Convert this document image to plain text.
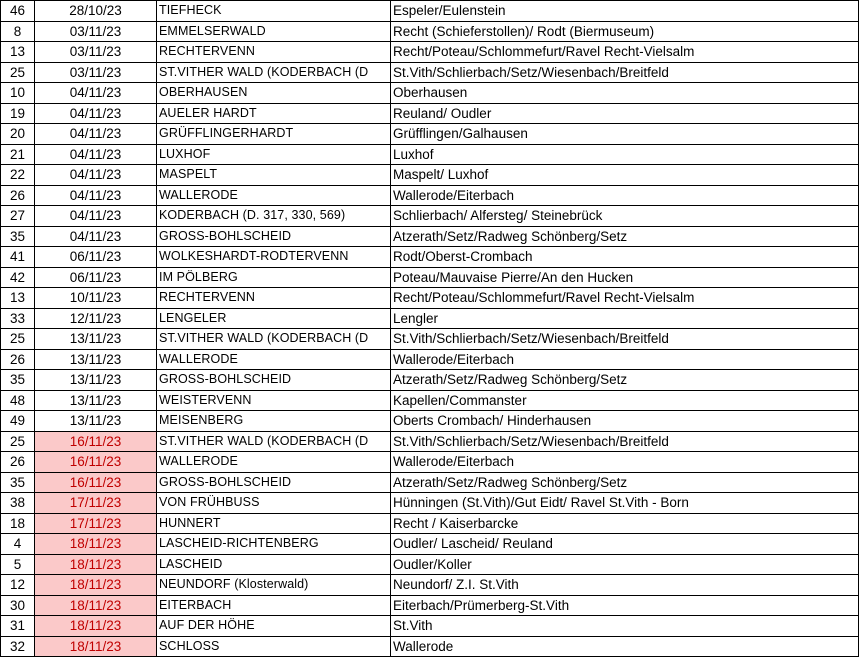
46	28/10/23	TIEFHECK	Espeler/Eulenstein
8	03/11/23	EMMELSERWALD	Recht (Schieferstollen)/ Rodt (Biermuseum)
13	03/11/23	RECHTERVENN	Recht/Poteau/Schlommefurt/Ravel Recht-Vielsalm
25	03/11/23	ST.VITHER WALD (KODERBACH (D	St.Vith/Schlierbach/Setz/Wiesenbach/Breitfeld
10	04/11/23	OBERHAUSEN	Oberhausen
19	04/11/23	AUELER HARDT	Reuland/ Oudler
20	04/11/23	GRÜFFLINGERHARDT	Grüfflingen/Galhausen
21	04/11/23	LUXHOF	Luxhof
22	04/11/23	MASPELT	Maspelt/ Luxhof
26	04/11/23	WALLERODE	Wallerode/Eiterbach
27	04/11/23	KODERBACH (D. 317, 330, 569)	Schlierbach/ Alfersteg/ Steinebrück
35	04/11/23	GROSS-BOHLSCHEID	Atzerath/Setz/Radweg Schönberg/Setz
41	06/11/23	WOLKESHARDT-RODTERVENN	Rodt/Oberst-Crombach
42	06/11/23	IM PÖLBERG	Poteau/Mauvaise Pierre/An den Hucken
13	10/11/23	RECHTERVENN	Recht/Poteau/Schlommefurt/Ravel Recht-Vielsalm
33	12/11/23	LENGELER	Lengler
25	13/11/23	ST.VITHER WALD (KODERBACH (D	St.Vith/Schlierbach/Setz/Wiesenbach/Breitfeld
26	13/11/23	WALLERODE	Wallerode/Eiterbach
35	13/11/23	GROSS-BOHLSCHEID	Atzerath/Setz/Radweg Schönberg/Setz
48	13/11/23	WEISTERVENN	Kapellen/Commanster
49	13/11/23	MEISENBERG	Oberts Crombach/ Hinderhausen
25	16/11/23	ST.VITHER WALD (KODERBACH (D	St.Vith/Schlierbach/Setz/Wiesenbach/Breitfeld
26	16/11/23	WALLERODE	Wallerode/Eiterbach
35	16/11/23	GROSS-BOHLSCHEID	Atzerath/Setz/Radweg Schönberg/Setz
38	17/11/23	VON FRÜHBUSS	Hünningen (St.Vith)/Gut Eidt/ Ravel St.Vith - Born
18	17/11/23	HUNNERT	Recht / Kaiserbarcke
4	18/11/23	LASCHEID-RICHTENBERG	Oudler/ Lascheid/ Reuland
5	18/11/23	LASCHEID	Oudler/Koller
12	18/11/23	NEUNDORF (Klosterwald)	Neundorf/ Z.I. St.Vith
30	18/11/23	EITERBACH	Eiterbach/Prümerberg-St.Vith
31	18/11/23	AUF DER HÖHE	St.Vith
32	18/11/23	SCHLOSS	Wallerode
